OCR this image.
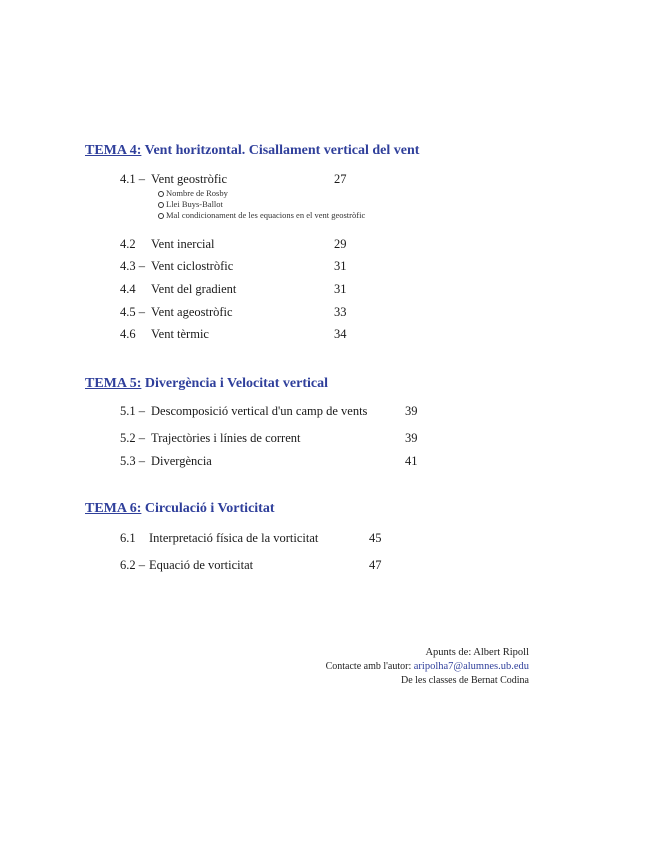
TEMA 4: Vent horitzontal. Cisallament vertical del vent
4.1 – Vent geostròfic	27
Nombre de Rosby
Llei Buys-Ballot
Mal condicionament de les equacions en el vent geostròfic
4.2 Vent inercial	29
4.3 – Vent ciclostròfic	31
4.4 Vent del gradient	31
4.5 – Vent ageostròfic	33
4.6 Vent tèrmic	34
TEMA 5: Divergència i Velocitat vertical
5.1 – Descomposició vertical d'un camp de vents	39
5.2 – Trajectòries i línies de corrent	39
5.3 – Divergència	41
TEMA 6: Circulació i Vorticitat
6.1 Interpretació física de la vorticitat	45
6.2 – Equació de vorticitat	47
Apunts de: Albert Ripoll
Contacte amb l'autor: aripolha7@alumnes.ub.edu
De les classes de Bernat Codina
